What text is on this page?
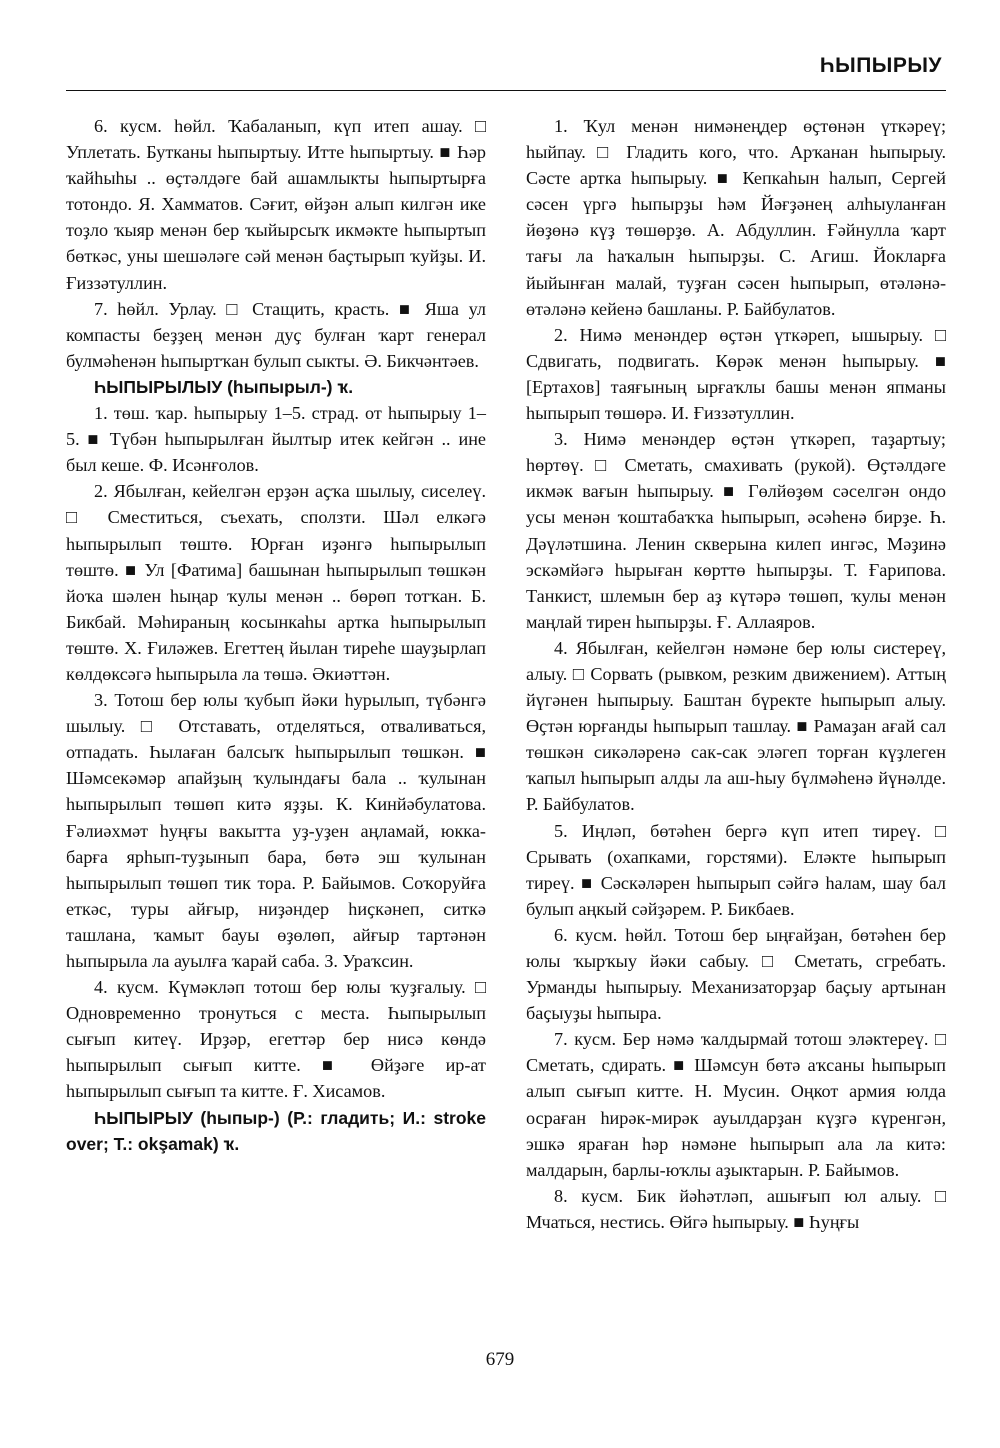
ҺЫПЫРЫУ

6. кусм. һөйл. Ҡабаланып, күп итеп ашау. □ Уплетать. Бутканы һыпыртыу. Итте һыпыртыу. ■ Һәр ҡайһыһы .. өҫтәлдәге бай ашамлыкты һыпыртырға тотондо. Я. Хамматов. Сәғит, өйҙән алып килгән ике тоҙло ҡыяр менән бер ҡыйырсыҡ икмәкте һыпыртып бөткәс, уны шешәләге сәй менән баҫтырып ҡуйҙы. И. Ғиззәтуллин.

7. һөйл. Урлау. □ Стащить, красть. ■ Яша ул компасты беҙҙең менән дуҫ булған ҡарт генерал булмәһенән һыпыртҡан булып сыкты. Ә. Бикчәнтәев.

ҺЫПЫРЫЛЫУ (һыпырыл-) ҡ.

1. төш. ҡар. һыпырыу 1–5. страд. от һыпырыу 1–5. ■ Түбән һыпырылған йылтыр итек кейгән .. ине был кеше. Ф. Исәнғолов.

2. Ябылған, кейелгән ерҙән аҫҡа шылыу, сиселеү. □ Сместиться, съехать, сползти. Шәл елкәгә һыпырылып төштө. Юрған иҙәнгә һыпырылып төштө. ■ Ул [Фатима] башынан һыпырылып төшкән йоҡа шәлен һыңар ҡулы менән .. бөрөп тотҡан. Б. Бикбай. Мәһираның косынкаһы артка һыпырылып төштө. Х. Ғиләжев. Егеттең йылан тиреһе шауҙырлап көлдөксәгә һыпырыла ла төшә. Әкиәттән.

3. Тотош бер юлы ҡубып йәки һурылып, түбәнгә шылыу. □ Отставать, отделяться, отваливаться, отпадать. Һылаған балсыҡ һыпырылып төшкән. ■ Шәмсекәмәр апайҙың ҡулындағы бала .. ҡулынан һыпырылып төшөп китә яҙҙы. К. Кинйәбулатова. Ғәлиәхмәт һуңғы вакытта уҙ-уҙен аңламай, юкка-барға ярһып-туҙынып бара, бөтә эш ҡулынан һыпырылып төшөп тик тора. Р. Байымов. Соҡоруйға еткәс, туры айғыр, ниҙәндер һиҫкәнеп, ситкә ташлана, ҡамыт бауы өҙөлөп, айғыр тартәнән һыпырыла ла ауылға ҡарай саба. З. Ураҡсин.

4. кусм. Күмәкләп тотош бер юлы ҡуҙғалыу. □ Одновременно тронуться с места. Һыпырылып сығып китеү. Ирҙәр, егеттәр бер нисә көндә һыпырылып сығып китте. ■ Өйҙәге ир-ат һыпырылып сығып та китте. Ғ. Хисамов.

ҺЫПЫРЫУ (һыпыр-) (Р.: гладить; И.: stroke over; Т.: okşamak) ҡ.

1. Ҡул менән нимәнеңдер өҫтөнән үткәреү; һыйпау. □ Гладить кого, что. Арҡанан һыпырыу. Сәсте артка һыпырыу. ■ Кепкаһын һалып, Сергей сәсен үргә һыпырҙы һәм Йәғҙәнең алһыуланған йөҙөнә күҙ төшөрҙө. А. Абдуллин. Ғәйнулла ҡарт тағы ла һаҡалын һыпырҙы. С. Агиш. Йокларға йыйынған малай, туҙған сәсен һыпырып, өтәләнә-өтәләнә кейенә башланы. Р. Байбулатов.

2. Нимә менәндер өҫтән үткәреп, ышырыу. □ Сдвигать, подвигать. Көрәк менән һыпырыу. ■ [Ертахов] таяғының ырғаҡлы башы менән япманы һыпырып төшөрә. И. Ғиззәтуллин.

3. Нимә менәндер өҫтән үткәреп, таҙартыу; һөртөү. □ Сметать, смахивать (рукой). Өҫтәлдәге икмәк вағын һыпырыу. ■ Гөлйөҙөм сәселгән ондо усы менән ҡоштабаҡҡа һыпырып, әсәһенә бирҙе. Һ. Дәүләтшина. Ленин скверына килеп ингәс, Мәҙинә эскәмйәгә һырыған көрттө һыпырҙы. Т. Ғарипова. Танкист, шлемын бер аҙ күтәрә төшөп, ҡулы менән маңлай тирен һыпырҙы. Ғ. Аллаяров.

4. Ябылған, кейелгән нәмәне бер юлы систереү, алыу. □ Сорвать (рывком, резким движением). Аттың йүгәнен һыпырыу. Баштан бүректе һыпырып алыу. Өҫтән юрғанды һыпырып ташлау. ■ Рамаҙан ағай сал төшкән сикәләренә сак-сак эләгеп торған күҙлеген ҡапыл һыпырып алды ла аш-һыу бүлмәһенә йүнәлде. Р. Байбулатов.

5. Иңләп, бөтәһен бергә күп итеп тиреү. □ Срывать (охапками, горстями). Еләкте һыпырып тиреү. ■ Сәскәләрен һыпырып сәйгә һалам, шау бал булып аңкый сәйҙәрем. Р. Бикбаев.

6. кусм. һөйл. Тотош бер ыңғайҙан, бөтәһен бер юлы ҡырҡыу йәки сабыу. □ Сметать, сгребать. Урманды һыпырыу. Механизаторҙар баҫыу артынан баҫыуҙы һыпыра.

7. кусм. Бер нәмә ҡалдырмай тотош эләктереү. □ Сметать, сдирать. ■ Шәмсун бөтә аҡсаны һыпырып алып сығып китте. Н. Мусин. Оңкот армия юлда осраған һирәк-мирәк ауылдарҙан күҙгә күренгән, эшкә яраған һәр нәмәне һыпырып ала ла китә: малдарын, барлы-юҡлы аҙыктарын. Р. Байымов.

8. кусм. Бик йәһәтләп, ашығып юл алыу. □ Мчаться, нестись. Өйгә һыпырыу. ■ Һуңғы

679
